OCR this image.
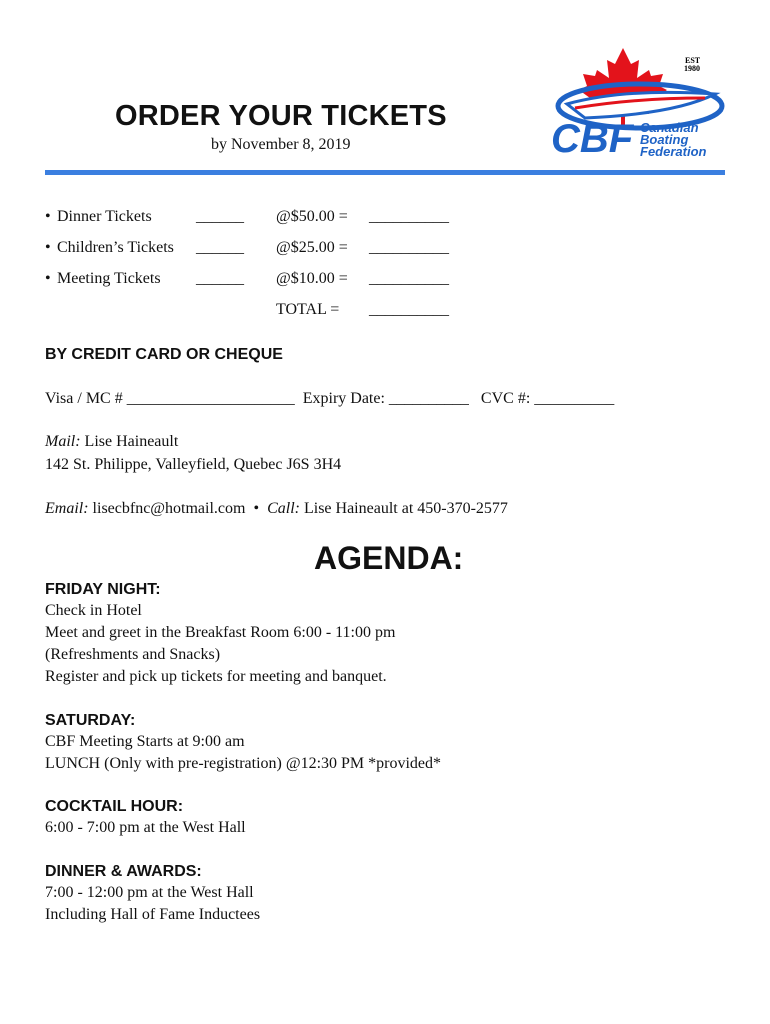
EST
1980
CBF Canadian
Boating
Federation
ORDER YOUR TICKETS
by November 8, 2019
• Dinner Tickets	______ @$50.00 = __________
• Children’s Tickets ______ @$25.00 = __________
• Meeting Tickets ______ @$10.00 = __________
TOTAL = __________
BY CREDIT CARD OR CHEQUE
Visa / MC # _____________________ Expiry Date: __________ CVC #: __________
Mail: Lise Haineault
142 St. Philippe, Valleyfield, Quebec J6S 3H4
Email: lisecbfnc@hotmail.com • Call: Lise Haineault at 450-370-2577
AGENDA:
FRIDAY NIGHT:
Check in Hotel
Meet and greet in the Breakfast Room 6:00 - 11:00 pm
(Refreshments and Snacks)
Register and pick up tickets for meeting and banquet.
SATURDAY:
CBF Meeting Starts at 9:00 am
LUNCH (Only with pre-registration) @12:30 PM *provided*
COCKTAIL HOUR:
6:00 - 7:00 pm at the West Hall
DINNER & AWARDS:
7:00 - 12:00 pm at the West Hall
Including Hall of Fame Inductees
